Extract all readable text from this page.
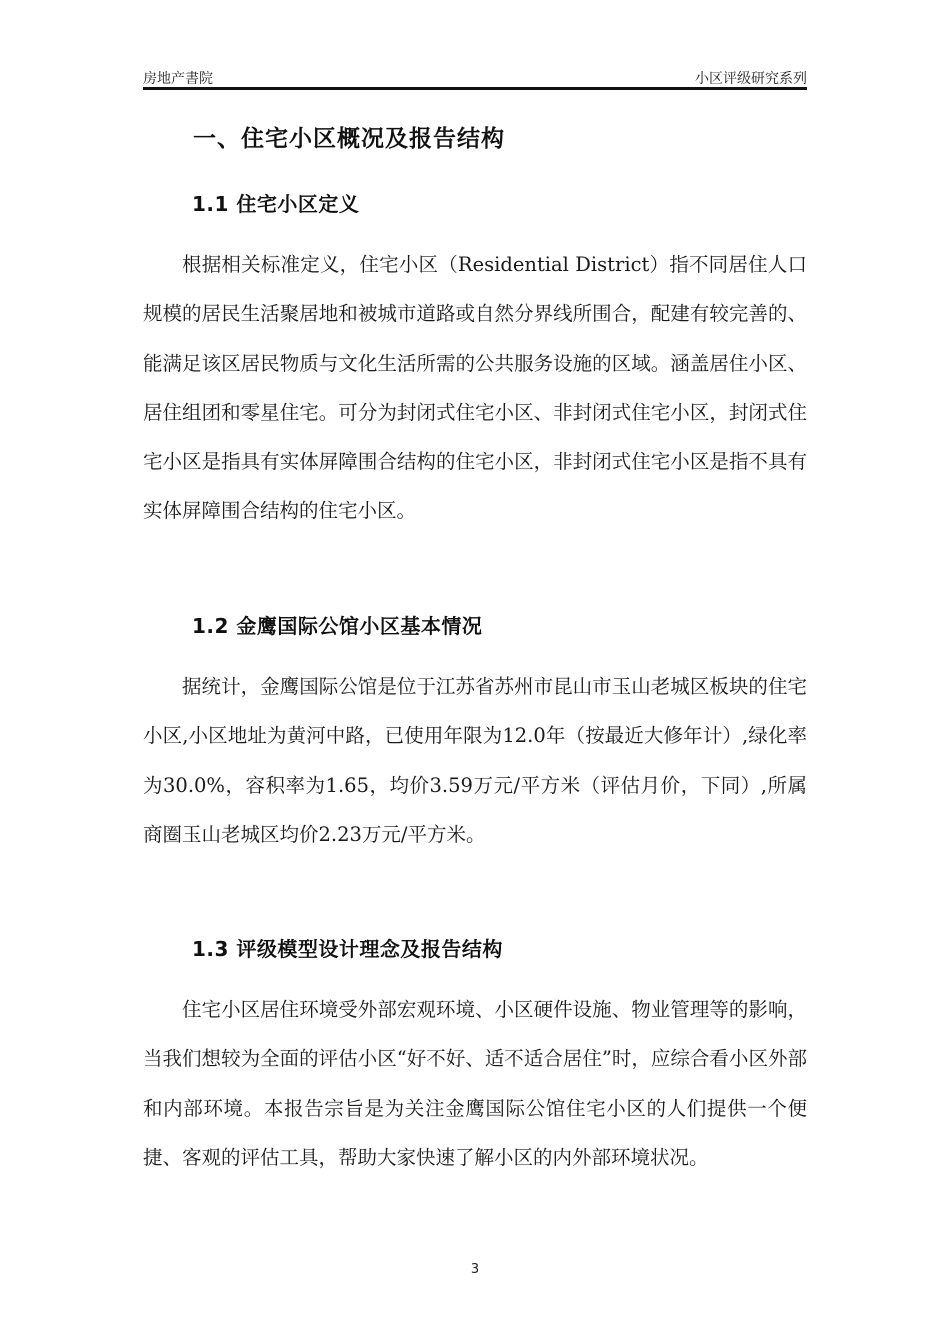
房地产書院	小区评级研究系列
一、住宅小区概况及报告结构
1.1 住宅小区定义
根据相关标准定义，住宅小区（Residential District）指不同居住人口规模的居民生活聚居地和被城市道路或自然分界线所围合，配建有较完善的、能满足该区居民物质与文化生活所需的公共服务设施的区域。涵盖居住小区、居住组团和零星住宅。可分为封闭式住宅小区、非封闭式住宅小区，封闭式住宅小区是指具有实体屏障围合结构的住宅小区，非封闭式住宅小区是指不具有实体屏障围合结构的住宅小区。
1.2 金鹰国际公馆小区基本情况
据统计，金鹰国际公馆是位于江苏省苏州市昆山市玉山老城区板块的住宅小区,小区地址为黄河中路，已使用年限为12.0年（按最近大修年计）,绿化率为30.0%，容积率为1.65，均价3.59万元/平方米（评估月价，下同）,所属商圈玉山老城区均价2.23万元/平方米。
1.3 评级模型设计理念及报告结构
住宅小区居住环境受外部宏观环境、小区硬件设施、物业管理等的影响，当我们想较为全面的评估小区“好不好、适不适合居住”时，应综合看小区外部和内部环境。本报告宗旨是为关注金鹰国际公馆住宅小区的人们提供一个便捷、客观的评估工具，帮助大家快速了解小区的内外部环境状况。
3
